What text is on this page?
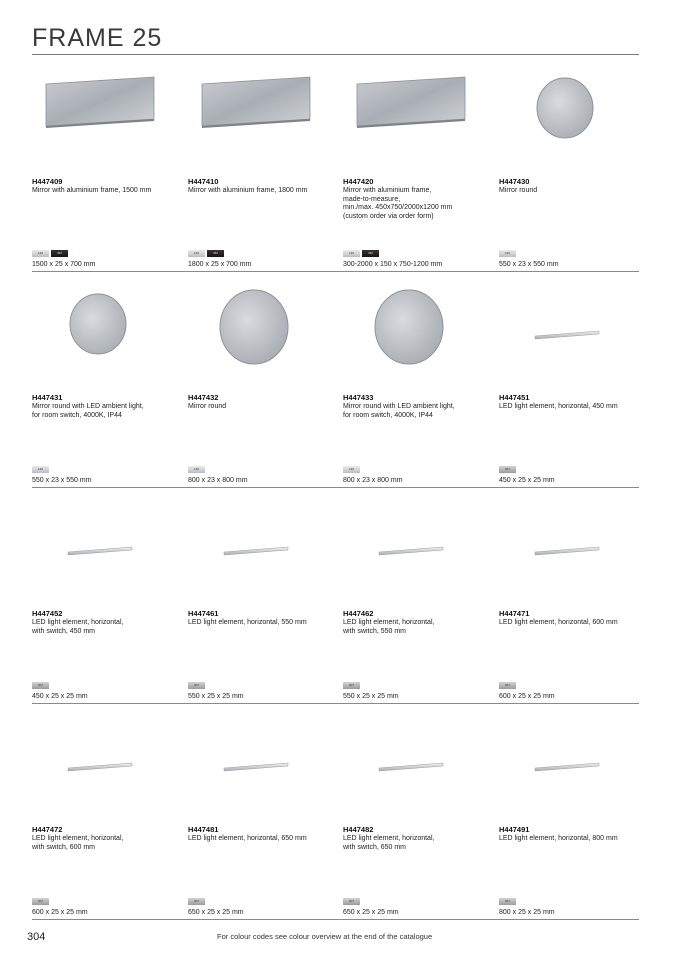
FRAME 25
H447409
Mirror with aluminium frame, 1500 mm
146	450
1500 x 25 x 700 mm
H447410
Mirror with aluminium frame, 1800 mm
146	450
1800 x 25 x 700 mm
H447420
Mirror with aluminium frame,
made-to-measure,
min./max. 450x750/2000x1200 mm
(custom order via order form)
146	450
300-2000 x 150 x 750-1200 mm
H447430
Mirror round
146
550 x 23 x 550 mm
H447431
Mirror round with LED ambient light,
for room switch, 4000K, IP44
146
550 x 23 x 550 mm
H447432
Mirror round
146
800 x 23 x 800 mm
H447433
Mirror round with LED ambient light,
for room switch, 4000K, IP44
146
800 x 23 x 800 mm
H447451
LED light element, horizontal, 450 mm
007
450 x 25 x 25 mm
H447452
LED light element, horizontal,
with switch, 450 mm
007
450 x 25 x 25 mm
H447461
LED light element, horizontal, 550 mm
007
550 x 25 x 25 mm
H447462
LED light element, horizontal,
with switch, 550 mm
007
550 x 25 x 25 mm
H447471
LED light element, horizontal, 600 mm
007
600 x 25 x 25 mm
H447472
LED light element, horizontal,
with switch, 600 mm
007
600 x 25 x 25 mm
H447481
LED light element, horizontal, 650 mm
007
650 x 25 x 25 mm
H447482
LED light element, horizontal,
with switch, 650 mm
007
650 x 25 x 25 mm
H447491
LED light element, horizontal, 800 mm
007
800 x 25 x 25 mm
304	For colour codes see colour overview at the end of the catalogue
